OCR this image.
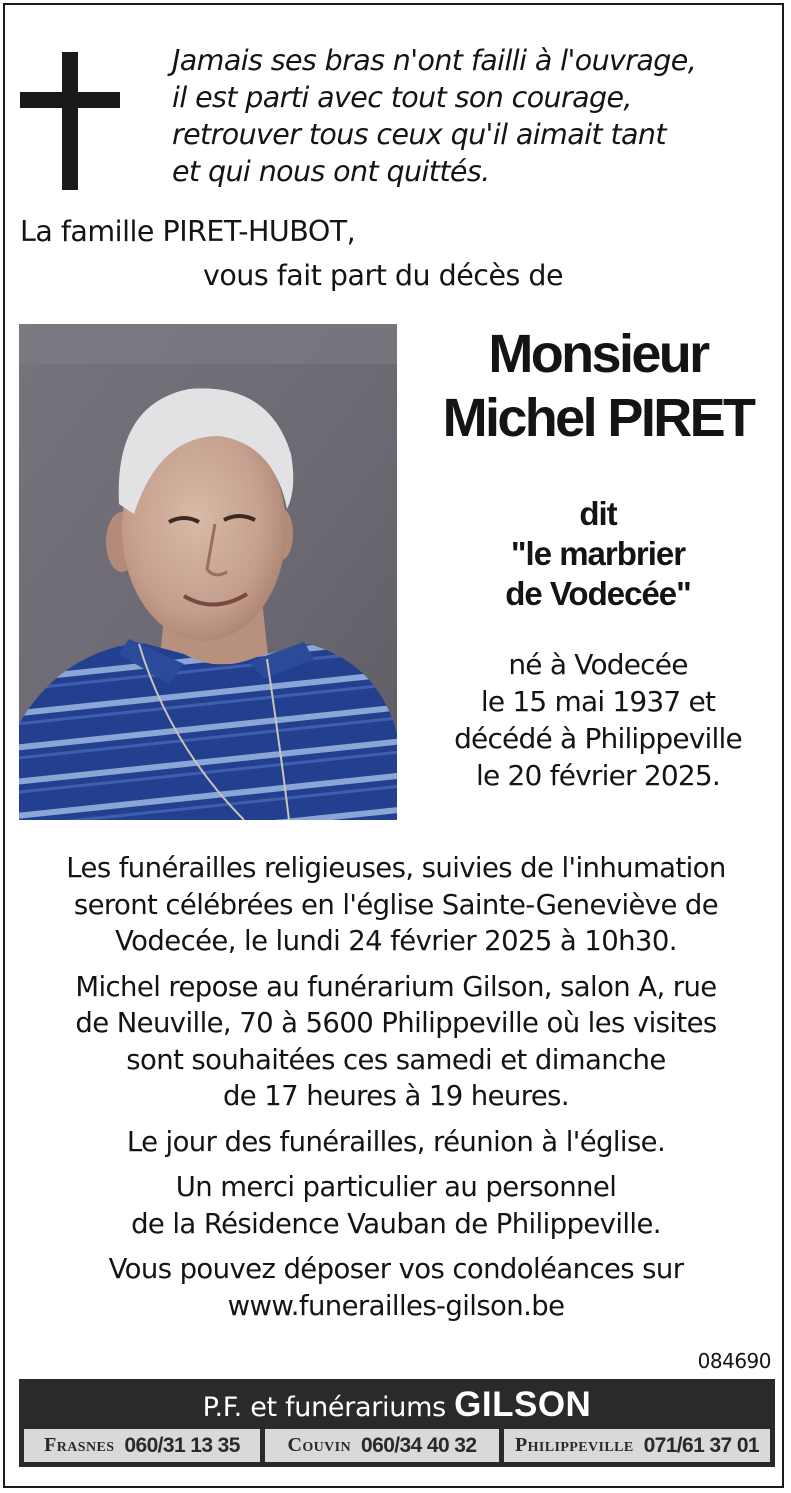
Jamais ses bras n'ont failli à l'ouvrage,
il est parti avec tout son courage,
retrouver tous ceux qu'il aimait tant
et qui nous ont quittés.
La famille PIRET-HUBOT,
vous fait part du décès de
Monsieur
Michel PIRET
dit
"le marbrier
de Vodecée"
né à Vodecée
le 15 mai 1937 et
décédé à Philippeville
le 20 février 2025.
Les funérailles religieuses, suivies de l'inhumation
seront célébrées en l'église Sainte-Geneviève de
Vodecée, le lundi 24 février 2025 à 10h30.
Michel repose au funérarium Gilson, salon A, rue
de Neuville, 70 à 5600 Philippeville où les visites
sont souhaitées ces samedi et dimanche
de 17 heures à 19 heures.
Le jour des funérailles, réunion à l'église.
Un merci particulier au personnel
de la Résidence Vauban de Philippeville.
Vous pouvez déposer vos condoléances sur
www.funerailles-gilson.be
084690
P.F. et funérariums GILSON
Frasnes 060/31 13 35 Couvin 060/34 40 32 Philippeville 071/61 37 01
